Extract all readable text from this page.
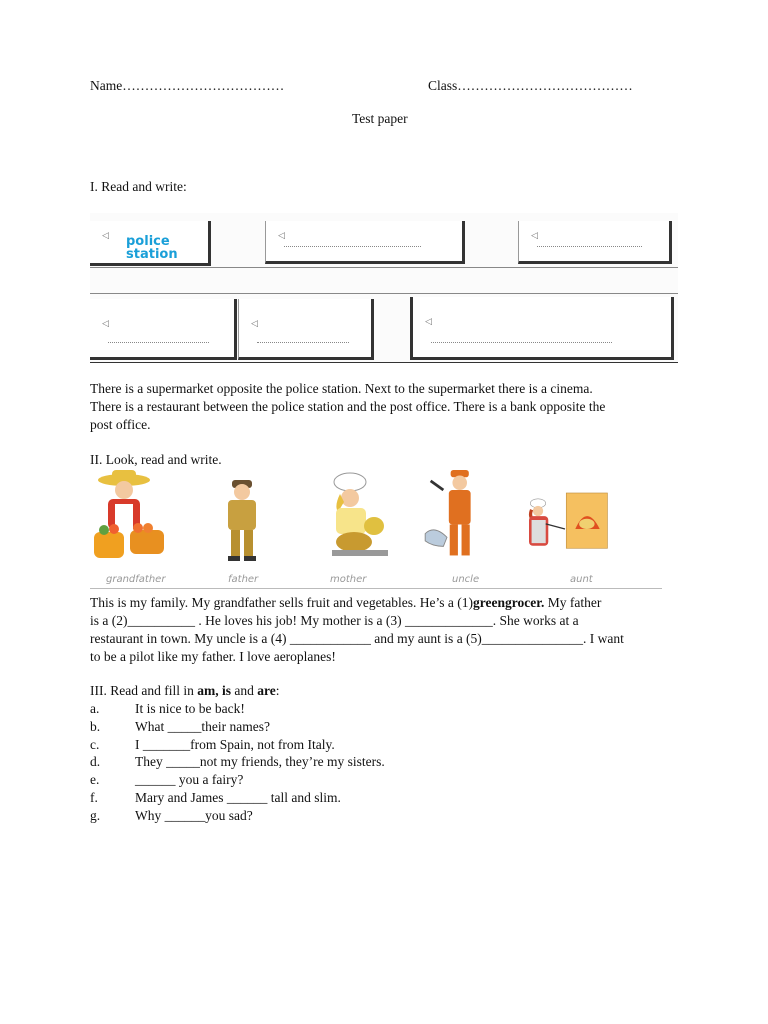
Name………………………………	Class…………………………………
Test paper
I. Read and write:
police
station
◁	◁	◁
◁	◁	◁

There is a supermarket opposite the police station. Next to the supermarket there is a cinema.

There is a restaurant between the police station and the post office. There is a bank opposite the

post office.

II. Look, read and write.
grandfather	father	mother	uncle	aunt

This is my family. My grandfather sells fruit and vegetables. He’s a (1)greengrocer. My father

is a (2)__________ . He loves his job! My mother is a (3) _____________. She works at a

restaurant in town. My uncle is a (4) ____________ and my aunt is a (5)_______________. I want

to be a pilot like my father. I love aeroplanes!

III. Read and fill in am, is and are:
a.	It is nice to be back!
b.	What _____their names?
c.	I _______from Spain, not from Italy.
d.	They _____not my friends, they’re my sisters.
e.	______ you a fairy?
f.	Mary and James ______ tall and slim.
g.	Why ______you sad?
